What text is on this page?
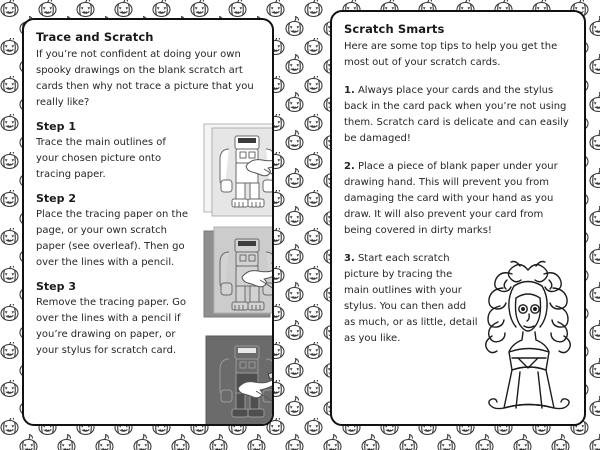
Trace and Scratch

If you’re not confident at doing your own spooky drawings on the blank scratch art cards then why not trace a picture that you really like?

Step 1

Trace the main outlines of your chosen picture onto tracing paper.

Step 2

Place the tracing paper on the page, or your own scratch paper (see overleaf). Then go over the lines with a pencil.

Step 3

Remove the tracing paper. Go over the lines with a pencil if you’re drawing on paper, or your stylus for scratch card.

Scratch Smarts

Here are some top tips to help you get the most out of your scratch cards.

1. Always place your cards and the stylus back in the card pack when you’re not using them. Scratch card is delicate and can easily be damaged!

2. Place a piece of blank paper under your drawing hand. This will prevent you from damaging the card with your hand as you draw. It will also prevent your card from being covered in dirty marks!

3. Start each scratch picture by tracing the main outlines with your stylus. You can then add as much, or as little, detail as you like.
